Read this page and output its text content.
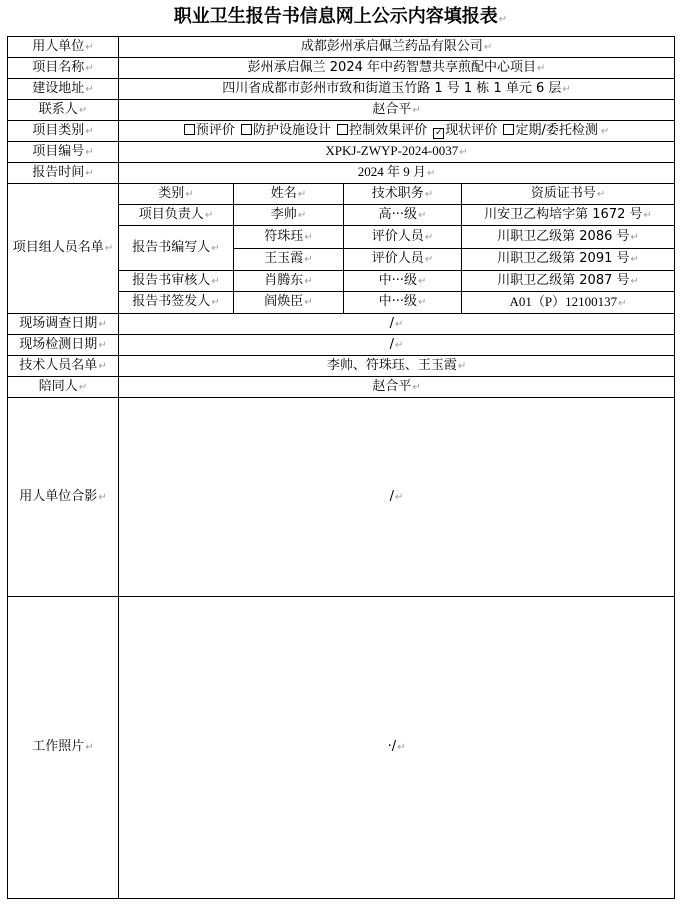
职业卫生报告书信息网上公示内容填报表↵
用人单位↵	成都彭州承启佩兰药品有限公司↵			
项目名称↵	彭州承启佩兰 2024 年中药智慧共享煎配中心项目↵			
建设地址↵	四川省成都市彭州市致和街道玉竹路 1 号 1 栋 1 单元 6 层↵			
联系人↵	赵合平↵			
项目类别↵	预评价 防护设施设计 控制效果评价 ✓ 现状评价 定期/委托检测 ↵
项目编号↵	XPKJ-ZWYP-2024-0037↵			
报告时间↵	2024 年 9 月↵			
项目组人员名单↵	类别↵	姓名↵	技术职务↵	资质证书号↵
	项目负责人↵	李帅↵	高···级↵	川安卫乙构培字第 1672 号↵
	报告书编写人↵	符珠珏↵	评价人员↵	川职卫乙级第 2086 号↵
		王玉霞↵	评价人员↵	川职卫乙级第 2091 号↵
	报告书审核人↵	肖腾东↵	中···级↵	川职卫乙级第 2087 号↵
	报告书签发人↵	阎焕臣↵	中···级↵	A01（P）12100137↵
现场调查日期↵	/↵			
现场检测日期↵	/↵			
技术人员名单↵	李帅、符珠珏、王玉霞↵			
陪同人↵	赵合平↵			
用人单位合影↵	/↵			
工作照片↵	·/↵			
